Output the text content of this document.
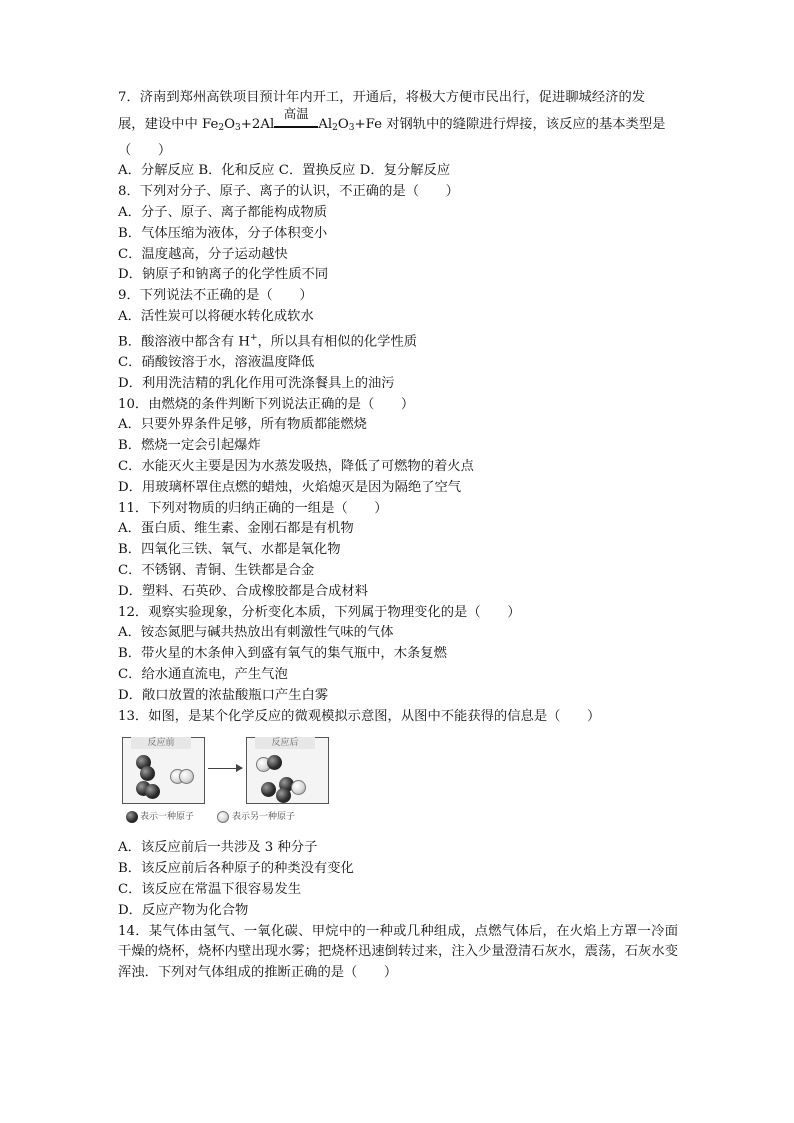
7．济南到郑州高铁项目预计年内开工，开通后，将极大方便市民出行，促进聊城经济的发
展，建设中中 $Fe_2O_3+2Al$
高温
$Al_2O_3+Fe$ 对钢轨中的缝隙进行焊接，该反应的基本类型是
（　　）
A．分解反应 B．化和反应 C．置换反应 D．复分解反应
8．下列对分子、原子、离子的认识，不正确的是（　　）
A．分子、原子、离子都能构成物质
B．气体压缩为液体，分子体积变小
C．温度越高，分子运动越快
D．钠原子和钠离子的化学性质不同
9．下列说法不正确的是（　　）
A．活性炭可以将硬水转化成软水
B．酸溶液中都含有 H+，所以具有相似的化学性质
C．硝酸铵溶于水，溶液温度降低
D．利用洗洁精的乳化作用可洗涤餐具上的油污
10．由燃烧的条件判断下列说法正确的是（　　）
A．只要外界条件足够，所有物质都能燃烧
B．燃烧一定会引起爆炸
C．水能灭火主要是因为水蒸发吸热，降低了可燃物的着火点
D．用玻璃杯罩住点燃的蜡烛，火焰熄灭是因为隔绝了空气
11．下列对物质的归纳正确的一组是（　　）
A．蛋白质、维生素、金刚石都是有机物
B．四氧化三铁、氧气、水都是氧化物
C．不锈钢、青铜、生铁都是合金
D．塑料、石英砂、合成橡胶都是合成材料
12．观察实验现象，分析变化本质，下列属于物理变化的是（　　）
A．铵态氮肥与碱共热放出有刺激性气味的气体
B．带火星的木条伸入到盛有氧气的集气瓶中，木条复燃
C．给水通直流电，产生气泡
D．敞口放置的浓盐酸瓶口产生白雾
13．如图，是某个化学反应的微观模拟示意图，从图中不能获得的信息是（　　）
反应前	反应后
表示一种原子	表示另一种原子
A．该反应前后一共涉及 3 种分子
B．该反应前后各种原子的种类没有变化
C．该反应在常温下很容易发生
D．反应产物为化合物
14．某气体由氢气、一氧化碳、甲烷中的一种或几种组成，点燃气体后，在火焰上方罩一冷面干燥的烧杯，烧杯内壁出现水雾；把烧杯迅速倒转过来，注入少量澄清石灰水，震荡，石灰水变浑浊．下列对气体组成的推断正确的是（　　）
